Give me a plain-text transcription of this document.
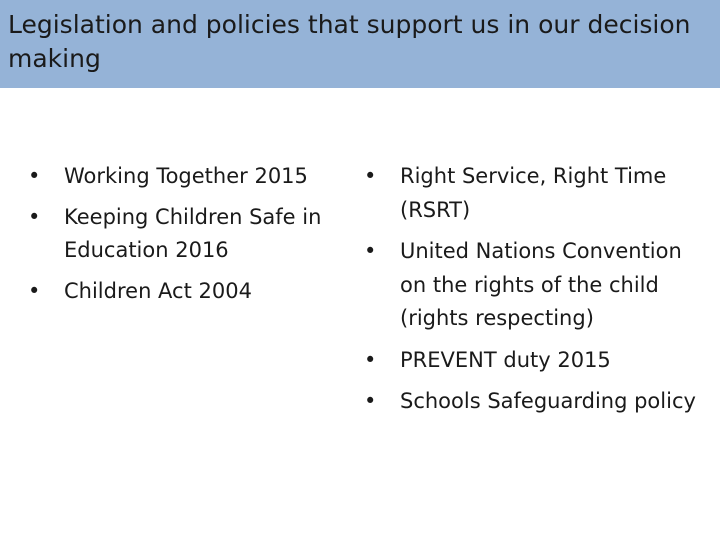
Legislation and policies that support us in our decision making
• Working Together 2015
• Keeping Children Safe in Education 2016
• Children Act 2004
• Right Service, Right Time (RSRT)
• United Nations Convention on the rights of the child (rights respecting)
• PREVENT duty 2015
• Schools Safeguarding policy
